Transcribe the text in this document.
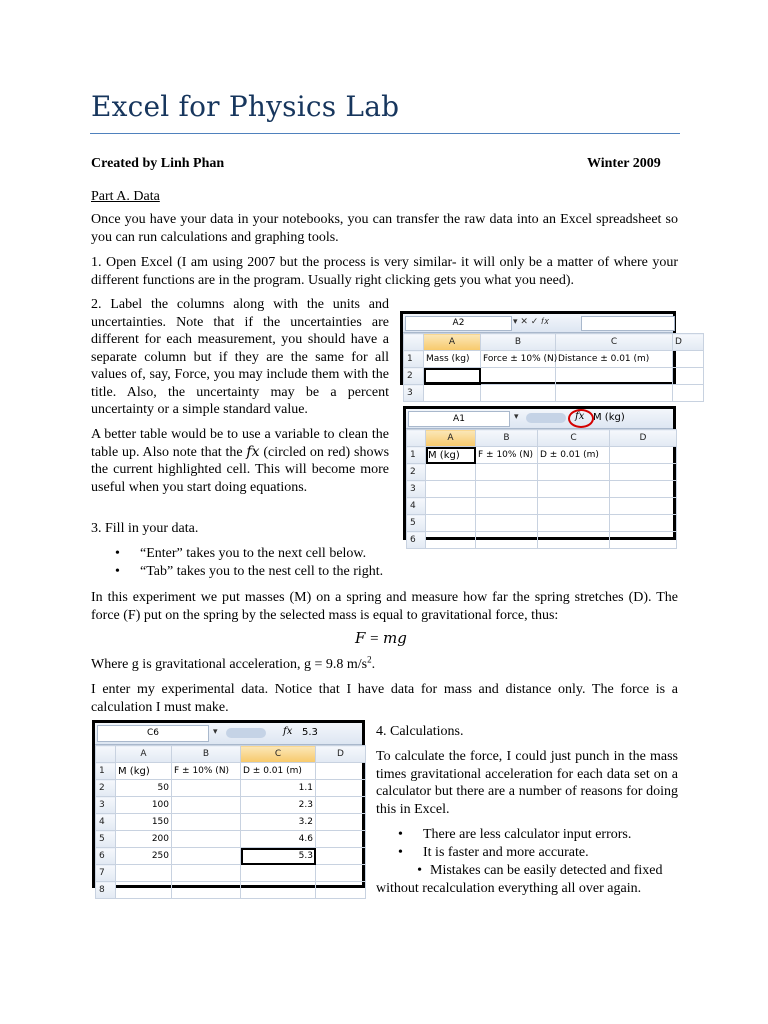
Excel for Physics Lab
Created by Linh Phan	Winter 2009
Part A. Data
Once you have your data in your notebooks, you can transfer the raw data into an Excel spreadsheet so you can run calculations and graphing tools.
1. Open Excel (I am using 2007 but the process is very similar- it will only be a matter of where your different functions are in the program. Usually right clicking gets you what you need).
2. Label the columns along with the units and uncertainties. Note that if the uncertainties are different for each measurement, you should have a separate column but if they are the same for all values of, say, Force, you may include them with the title. Also, the uncertainty may be a percent uncertainty or a simple standard value.
A better table would be to use a variable to clean the table up. Also note that the 𝑓𝑥 (circled on red) shows the current highlighted cell. This will become more useful when you start doing equations.
3. Fill in your data.
• “Enter” takes you to the next cell below.
• “Tab” takes you to the nest cell to the right.
In this experiment we put masses (M) on a spring and measure how far the spring stretches (D). The force (F) put on the spring by the selected mass is equal to gravitational force, thus:
𝐹 = 𝑚𝑔
Where g is gravitational acceleration, g = 9.8 $m/s^2$.
I enter my experimental data. Notice that I have data for mass and distance only. The force is a calculation I must make.
4. Calculations.
To calculate the force, I could just punch in the mass times gravitational acceleration for each data set on a calculator but there are a number of reasons for doing this in Excel.
• There are less calculator input errors.
• It is faster and more accurate.
• Mistakes can be easily detected and fixed without recalculation everything all over again.
A2	▾ ✕ ✓ 𝑓𝑥
	A	B	C	D
1	Mass (kg)	Force ± 10% (N)	Distance ± 0.01 (m)	
2				
3				
A1	▾	𝑓𝑥 M (kg)
	A	B	C	D
1	M (kg)	F ± 10% (N)	D ± 0.01 (m)	
2				
3				
4				
5				
6				
C6	▾	𝑓𝑥 5.3
	A	B	C	D
1	M (kg)	F ± 10% (N)	D ± 0.01 (m)	
2	50		1.1	
3	100		2.3	
4	150		3.2	
5	200		4.6	
6	250		5.3	
7				
8				
